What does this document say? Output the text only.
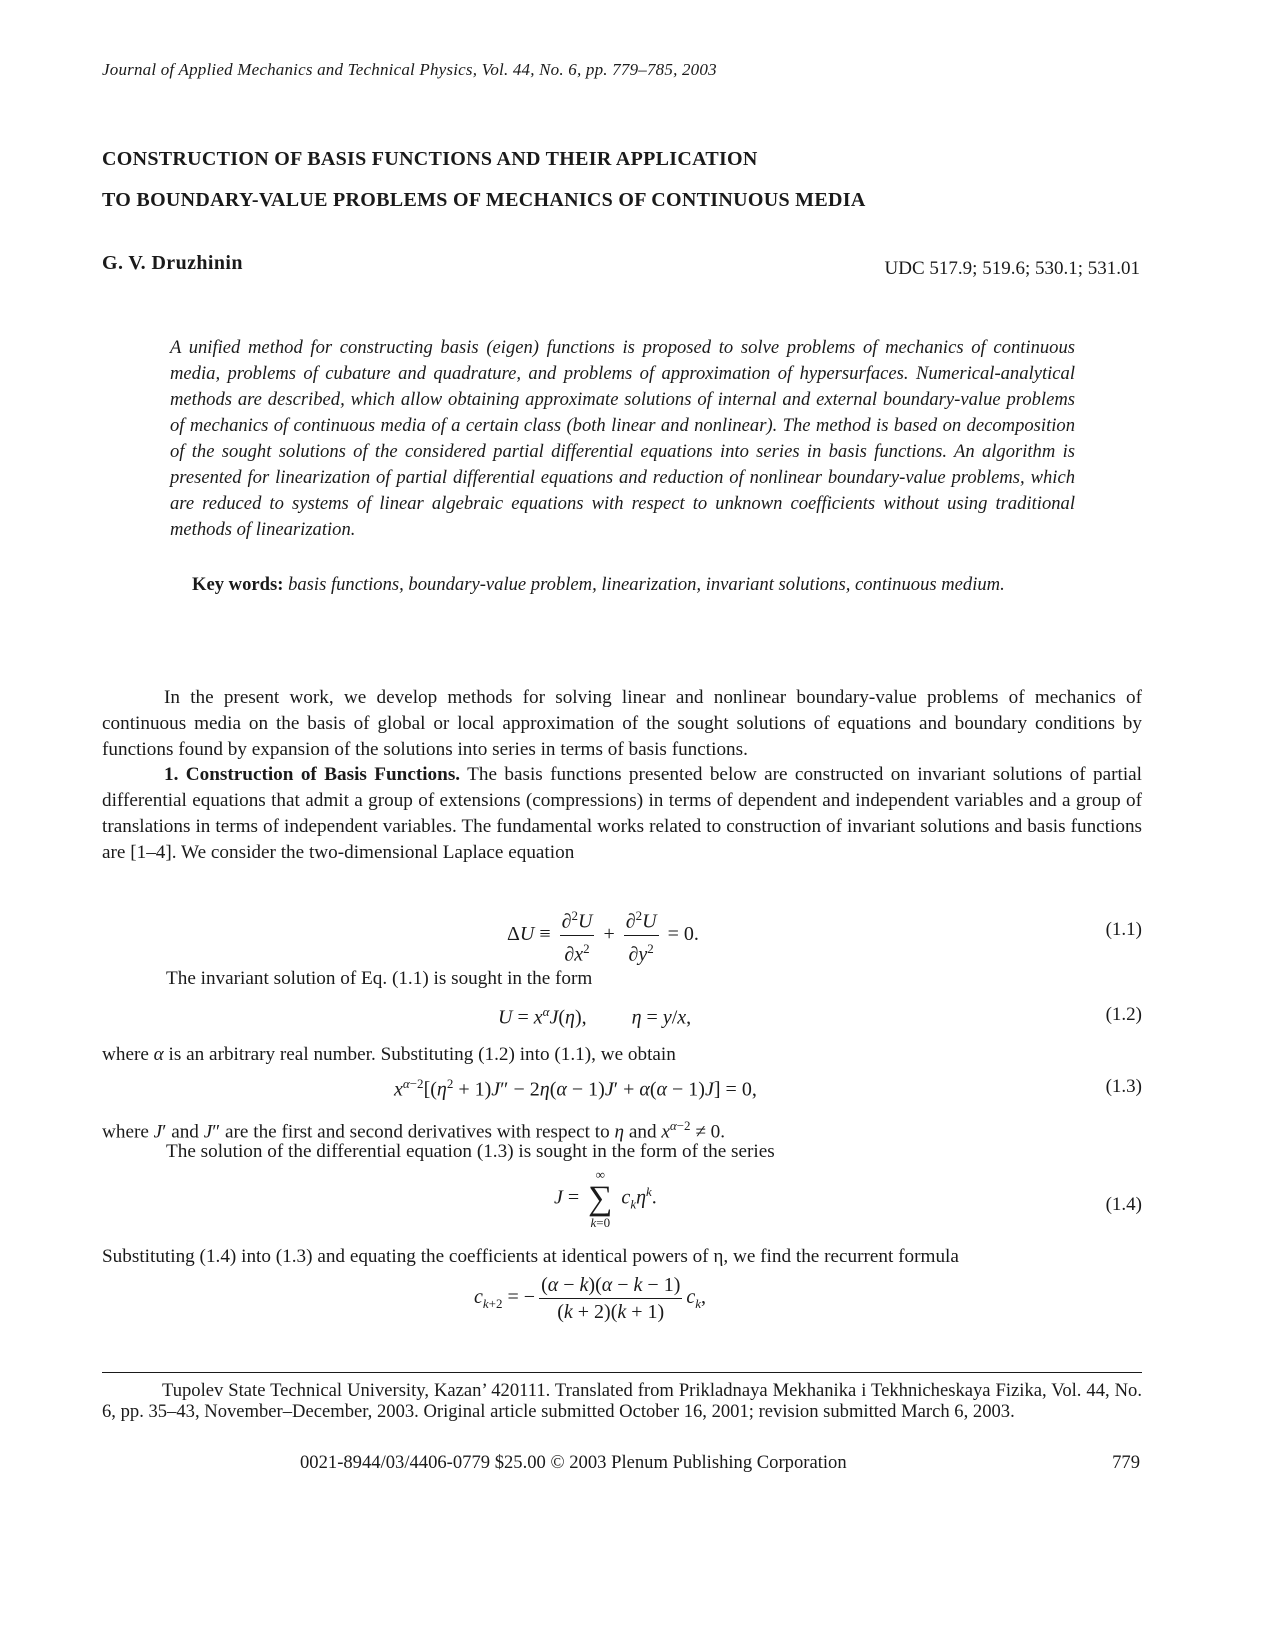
Journal of Applied Mechanics and Technical Physics, Vol. 44, No. 6, pp. 779–785, 2003
CONSTRUCTION OF BASIS FUNCTIONS AND THEIR APPLICATION
TO BOUNDARY-VALUE PROBLEMS OF MECHANICS OF CONTINUOUS MEDIA
G. V. Druzhinin	UDC 517.9; 519.6; 530.1; 531.01
A unified method for constructing basis (eigen) functions is proposed to solve problems of mechanics of continuous media, problems of cubature and quadrature, and problems of approximation of hypersurfaces. Numerical-analytical methods are described, which allow obtaining approximate solutions of internal and external boundary-value problems of mechanics of continuous media of a certain class (both linear and nonlinear). The method is based on decomposition of the sought solutions of the considered partial differential equations into series in basis functions. An algorithm is presented for linearization of partial differential equations and reduction of nonlinear boundary-value problems, which are reduced to systems of linear algebraic equations with respect to unknown coefficients without using traditional methods of linearization.
Key words: basis functions, boundary-value problem, linearization, invariant solutions, continuous medium.
In the present work, we develop methods for solving linear and nonlinear boundary-value problems of mechanics of continuous media on the basis of global or local approximation of the sought solutions of equations and boundary conditions by functions found by expansion of the solutions into series in terms of basis functions.
1. Construction of Basis Functions. The basis functions presented below are constructed on invariant solutions of partial differential equations that admit a group of extensions (compressions) in terms of dependent and independent variables and a group of translations in terms of independent variables. The fundamental works related to construction of invariant solutions and basis functions are [1–4]. We consider the two-dimensional Laplace equation
$\Delta U \equiv \frac{\partial^2U}{\partial x^2} + \frac{\partial^2U}{\partial y^2} = 0$.	(1.1)
The invariant solution of Eq. (1.1) is sought in the form
$U = x^\alpha J(\eta)$,         η = y/x,	(1.2)
where α is an arbitrary real number. Substituting (1.2) into (1.1), we obtain
$x^{\alpha-2}[(\eta^2 + 1)J'' - 2\eta(\alpha - 1)J' + \alpha(\alpha - 1)J] = 0$,	(1.3)
where J′ and J″ are the first and second derivatives with respect to η and $x^{\alpha-2} \ne 0$.
The solution of the differential equation (1.3) is sought in the form of the series
J =
∞
∑
k=0
$c_k\eta^k$.	(1.4)
Substituting (1.4) into (1.3) and equating the coefficients at identical powers of η, we find the recurrent formula
$c_{k+2}$ = − $\frac{(\alpha - k)(\alpha - k - 1)}{(k + 2)(k + 1)} c_k$,
Tupolev State Technical University, Kazan’ 420111. Translated from Prikladnaya Mekhanika i Tekhnicheskaya Fizika, Vol. 44, No. 6, pp. 35–43, November–December, 2003. Original article submitted October 16, 2001; revision submitted March 6, 2003.
0021-8944/03/4406-0779 $25.00 © 2003 Plenum Publishing Corporation	779
